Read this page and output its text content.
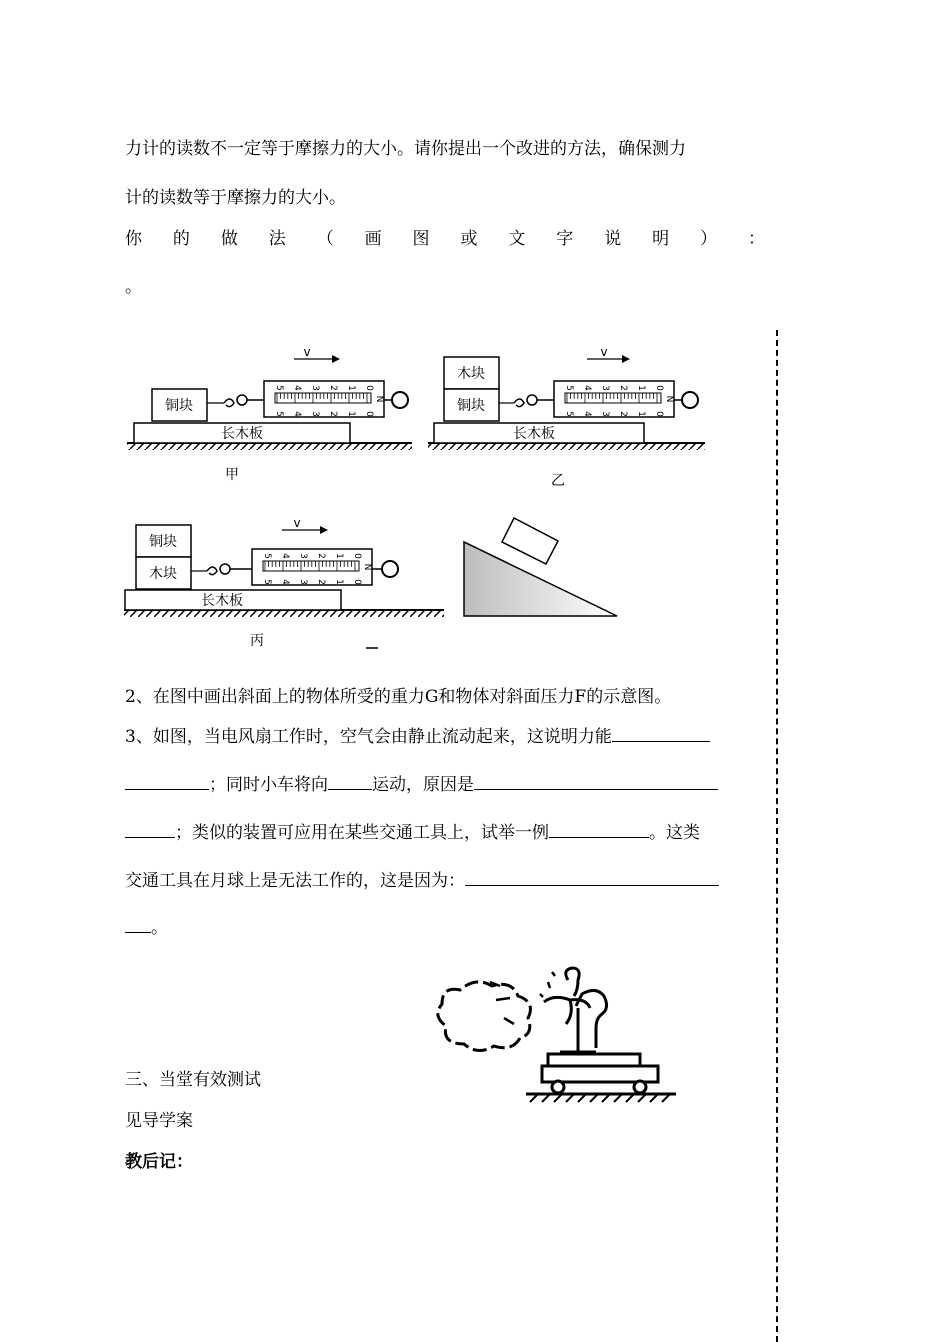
力计的读数不一定等于摩擦力的大小。请你提出一个改进的方法，确保测力
计的读数等于摩擦力的大小。
你 的 做 法 （ 画 图 或 文 字 说 明 ） ：
。
长木板
铜块
0
0
1
1
2
2
3
3
4
4
5
5
N
v
甲
长木板
木块
铜块
0
0
1
1
2
2
3
3
4
4
5
5
N
v
乙
长木板
铜块
木块
0
0
1
1
2
2
3
3
4
4
5
5
N
v
丙
2、在图中画出斜面上的物体所受的重力G和物体对斜面压力F的示意图。
3、如图，当电风扇工作时，空气会由静止流动起来，这说明力能
；同时小车将向	运动，原因是
；类似的装置可应用在某些交通工具上，试举一例	。这类
交通工具在月球上是无法工作的，这是因为：
。
三、当堂有效测试
见导学案
教后记：
